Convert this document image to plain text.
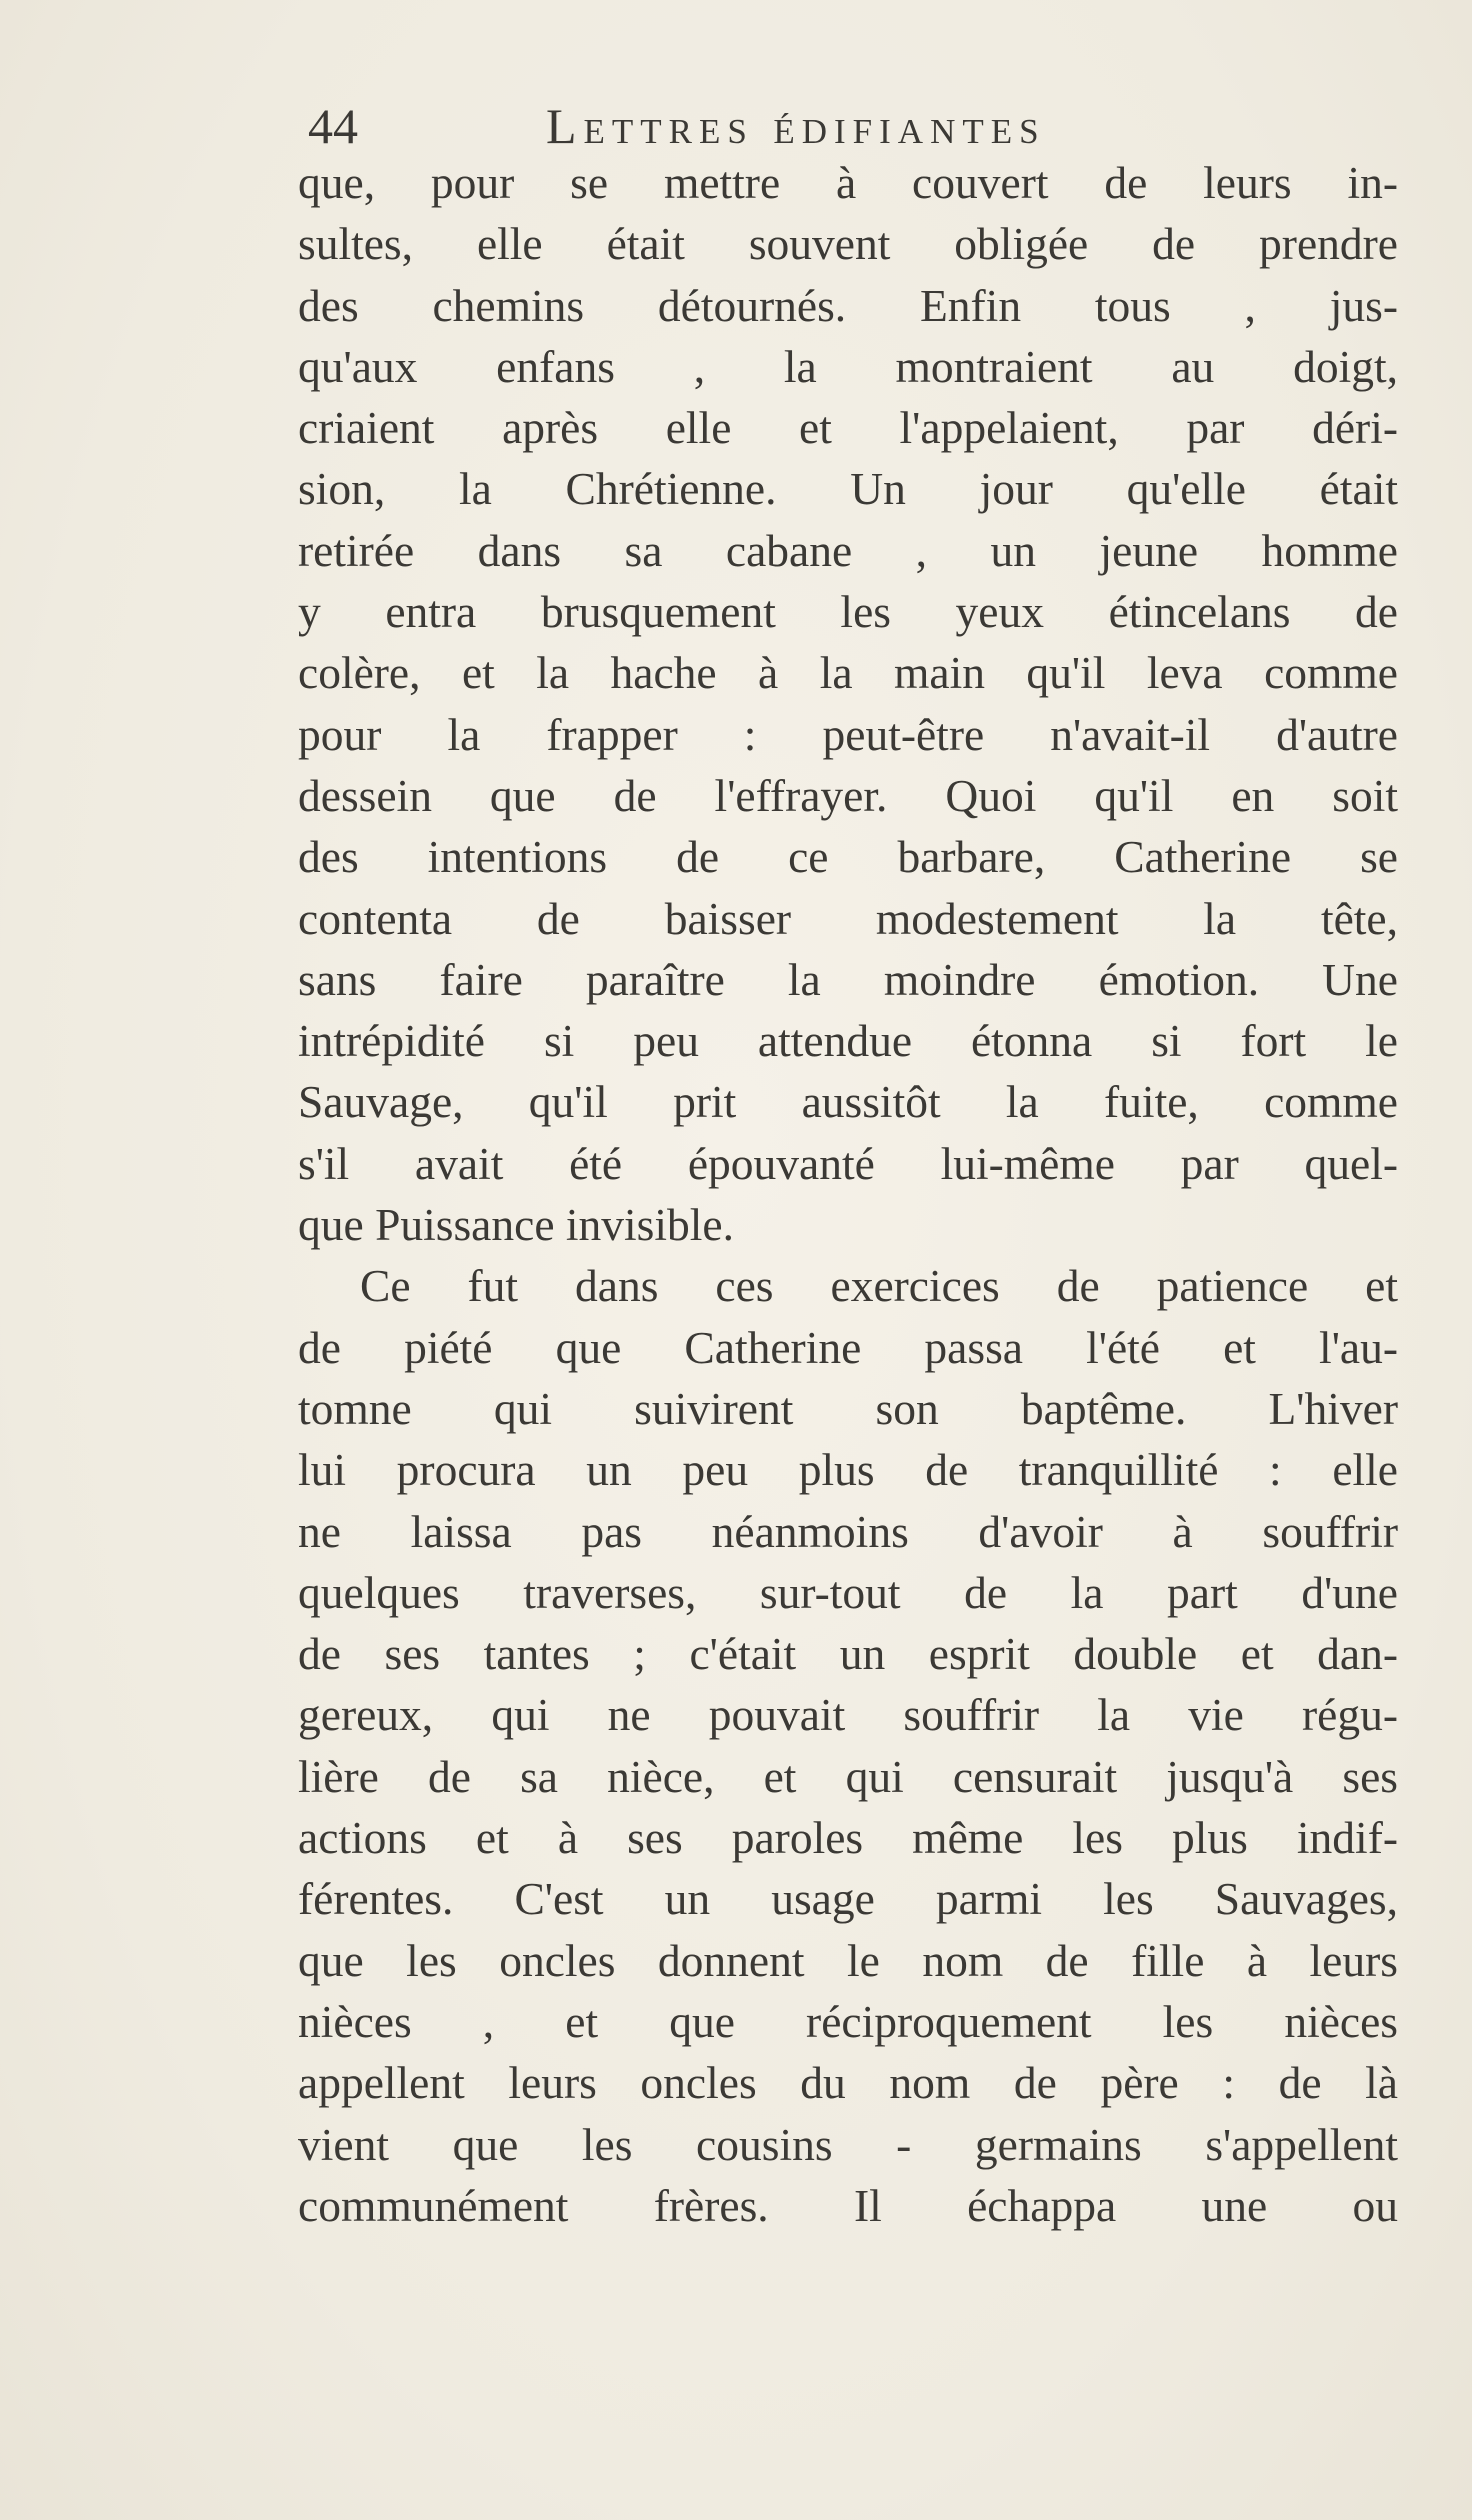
44	Lettres édifiantes
que, pour se mettre à couvert de leurs in-
sultes, elle était souvent obligée de prendre
des chemins détournés. Enfin tous , jus-
qu'aux enfans , la montraient au doigt,
criaient après elle et l'appelaient, par déri-
sion, la Chrétienne. Un jour qu'elle était
retirée dans sa cabane , un jeune homme
y entra brusquement les yeux étincelans de
colère, et la hache à la main qu'il leva comme
pour la frapper : peut-être n'avait-il d'autre
dessein que de l'effrayer. Quoi qu'il en soit
des intentions de ce barbare, Catherine se
contenta de baisser modestement la tête,
sans faire paraître la moindre émotion. Une
intrépidité si peu attendue étonna si fort le
Sauvage, qu'il prit aussitôt la fuite, comme
s'il avait été épouvanté lui-même par quel-
que Puissance invisible.
Ce fut dans ces exercices de patience et
de piété que Catherine passa l'été et l'au-
tomne qui suivirent son baptême. L'hiver
lui procura un peu plus de tranquillité : elle
ne laissa pas néanmoins d'avoir à souffrir
quelques traverses, sur-tout de la part d'une
de ses tantes ; c'était un esprit double et dan-
gereux, qui ne pouvait souffrir la vie régu-
lière de sa nièce, et qui censurait jusqu'à ses
actions et à ses paroles même les plus indif-
férentes. C'est un usage parmi les Sauvages,
que les oncles donnent le nom de fille à leurs
nièces , et que réciproquement les nièces
appellent leurs oncles du nom de père : de là
vient que les cousins - germains s'appellent
communément frères. Il échappa une ou
